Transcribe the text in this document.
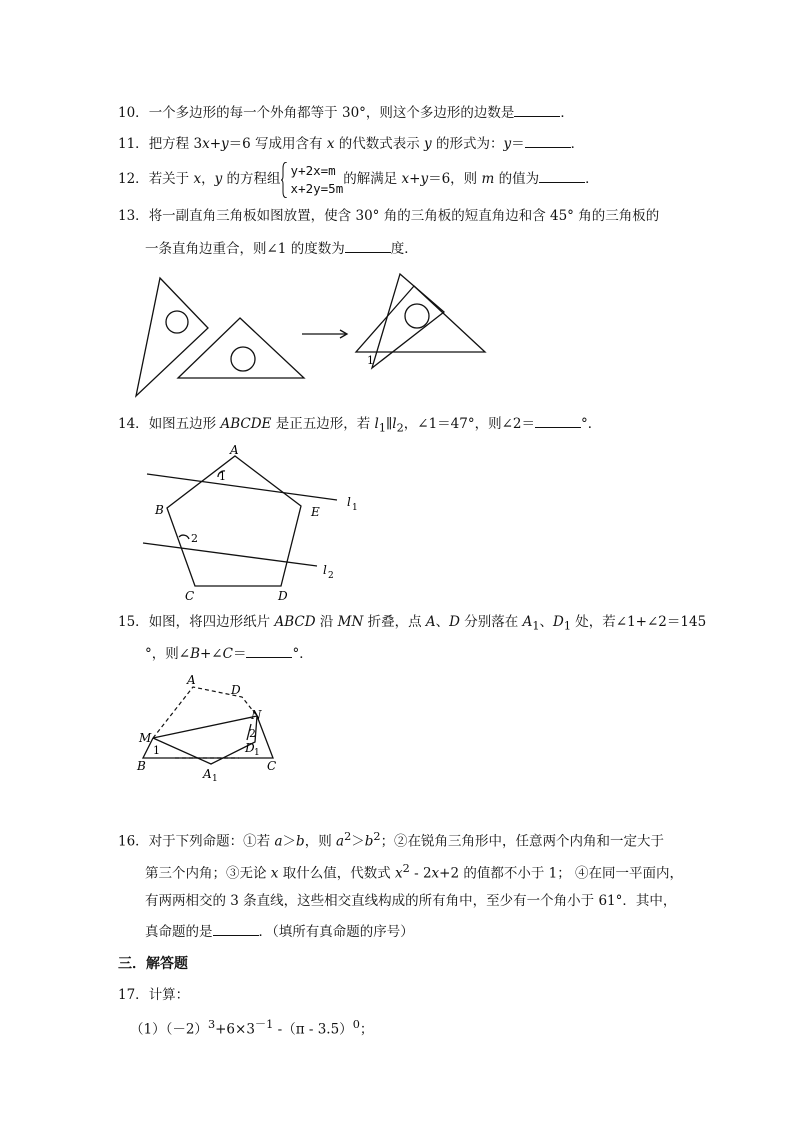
10．一个多边形的每一个外角都等于 30°，则这个多边形的边数是	．
11．把方程 3x+y＝6 写成用含有 x 的代数式表示 y 的形式为：y＝	．
12．若关于 x，y 的方程组
y+2x=m
x+2y=5m
的解满足 x+y＝6，则 m 的值为	．
13．将一副直角三角板如图放置，使含 30° 角的三角板的短直角边和含 45° 角的三角板的
一条直角边重合，则∠1 的度数为	度．
1
14．如图五边形 ABCDE 是正五边形，若 $l_1\parallel l_2$，∠1＝47°，则∠2＝	°．
A
B
C	D
E
l
l
1
2
1
2
15．如图，将四边形纸片 ABCD 沿 MN 折叠，点 A、D 分别落在 $A_1$、$D_1$ 处，若∠1+∠2＝145
°，则∠B+∠C＝	°．
A
D
N
M
B	C
A
D
1
1
1
2
16．对于下列命题：①若 a＞b，则 $a^2>b^2$；②在锐角三角形中，任意两个内角和一定大于
第三个内角；③无论 x 取什么值，代数式 $x^2 - 2x+2$ 的值都不小于 1； ④在同一平面内，
有两两相交的 3 条直线，这些相交直线构成的所有角中，至少有一个角小于 61°．其中，
真命题的是	．（填所有真命题的序号）
三．解答题
17．计算：
$(1)(-2)^3+6\times 3^{-1}$ -（π - 3.5）$^0$；
